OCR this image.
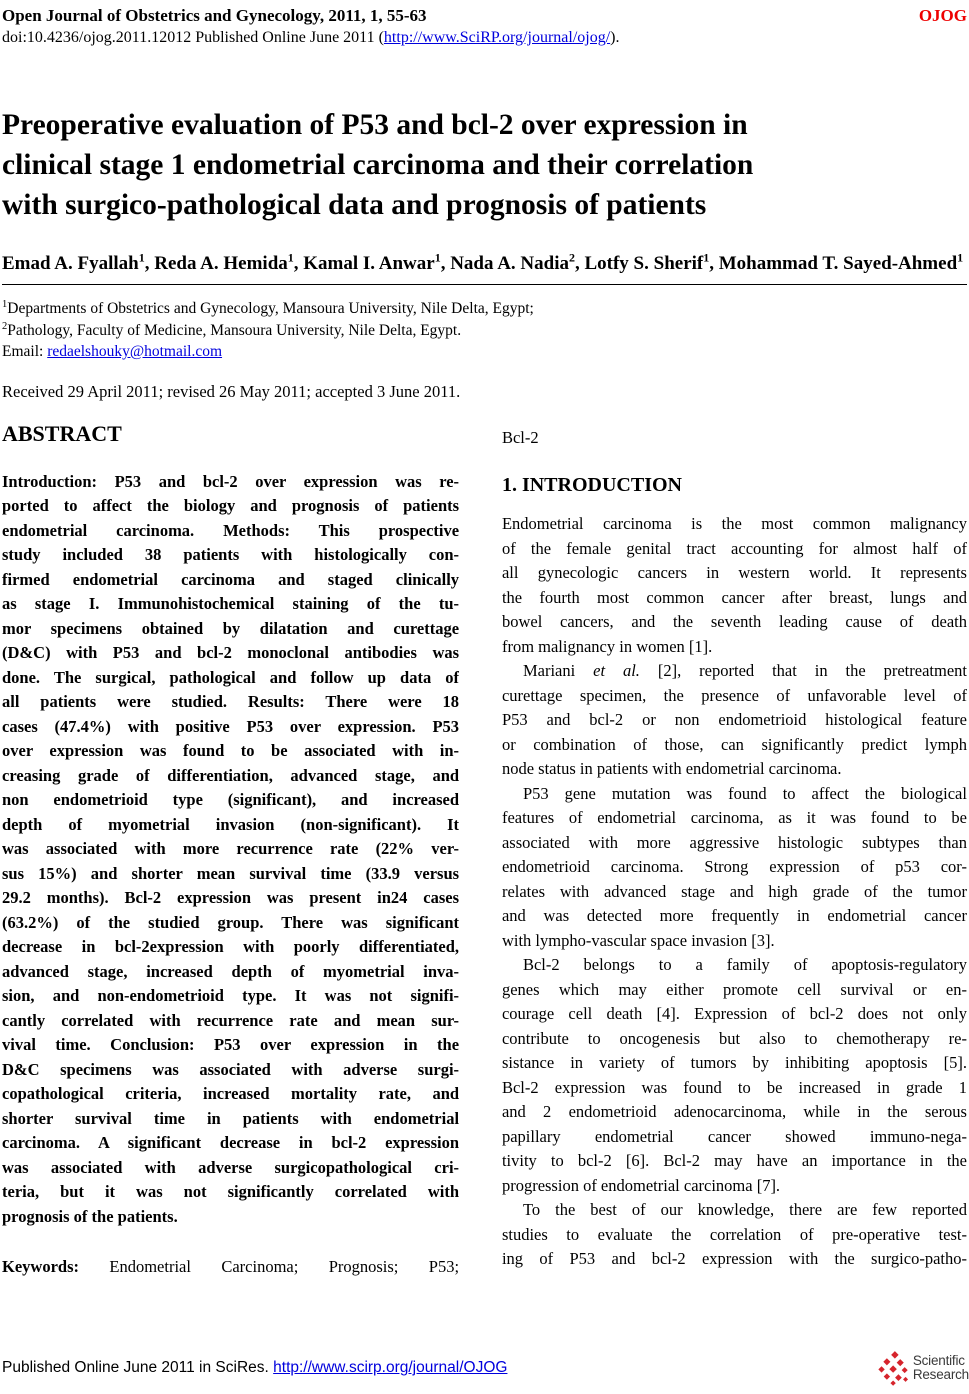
Open Journal of Obstetrics and Gynecology, 2011, 1, 55-63	OJOG
doi:10.4236/ojog.2011.12012 Published Online June 2011 (http://www.SciRP.org/journal/ojog/).
Preoperative evaluation of P53 and bcl-2 over expression in
clinical stage 1 endometrial carcinoma and their correlation
with surgico-pathological data and prognosis of patients
Emad A. Fyallah$^1$, Reda A. Hemida$^1$, Kamal I. Anwar$^1$, Nada A. Nadia$^2$, Lotfy S. Sherif$^1$, Mohammad T. Sayed-Ahmed$^1$
$^1$Departments of Obstetrics and Gynecology, Mansoura University, Nile Delta, Egypt;
$^2$Pathology, Faculty of Medicine, Mansoura University, Nile Delta, Egypt.
Email: redaelshouky@hotmail.com
Received 29 April 2011; revised 26 May 2011; accepted 3 June 2011.
ABSTRACT
Introduction: P53 and bcl-2 over expression was re-
ported to affect the biology and prognosis of patients
endometrial carcinoma. Methods: This prospective
study included 38 patients with histologically con-
firmed endometrial carcinoma and staged clinically
as stage I. Immunohistochemical staining of the tu-
mor specimens obtained by dilatation and curettage
(D&C) with P53 and bcl-2 monoclonal antibodies was
done. The surgical, pathological and follow up data of
all patients were studied. Results: There were 18
cases (47.4%) with positive P53 over expression. P53
over expression was found to be associated with in-
creasing grade of differentiation, advanced stage, and
non endometrioid type (significant), and increased
depth of myometrial invasion (non-significant). It
was associated with more recurrence rate (22% ver-
sus 15%) and shorter mean survival time (33.9 versus
29.2 months). Bcl-2 expression was present in24 cases
(63.2%) of the studied group. There was significant
decrease in bcl-2expression with poorly differentiated,
advanced stage, increased depth of myometrial inva-
sion, and non-endometrioid type. It was not signifi-
cantly correlated with recurrence rate and mean sur-
vival time. Conclusion: P53 over expression in the
D&C specimens was associated with adverse surgi-
copathological criteria, increased mortality rate, and
shorter survival time in patients with endometrial
carcinoma. A significant decrease in bcl-2 expression
was associated with adverse surgicopathological cri-
teria, but it was not significantly correlated with
prognosis of the patients.
Keywords: Endometrial Carcinoma; Prognosis; P53;
Bcl-2
1. INTRODUCTION
Endometrial carcinoma is the most common malignancy
of the female genital tract accounting for almost half of
all gynecologic cancers in western world. It represents
the fourth most common cancer after breast, lungs and
bowel cancers, and the seventh leading cause of death
from malignancy in women [1].
Mariani et al. [2], reported that in the pretreatment
curettage specimen, the presence of unfavorable level of
P53 and bcl-2 or non endometrioid histological feature
or combination of those, can significantly predict lymph
node status in patients with endometrial carcinoma.
P53 gene mutation was found to affect the biological
features of endometrial carcinoma, as it was found to be
associated with more aggressive histologic subtypes than
endometrioid carcinoma. Strong expression of p53 cor-
relates with advanced stage and high grade of the tumor
and was detected more frequently in endometrial cancer
with lympho-vascular space invasion [3].
Bcl-2 belongs to a family of apoptosis-regulatory
genes which may either promote cell survival or en-
courage cell death [4]. Expression of bcl-2 does not only
contribute to oncogenesis but also to chemotherapy re-
sistance in variety of tumors by inhibiting apoptosis [5].
Bcl-2 expression was found to be increased in grade 1
and 2 endometrioid adenocarcinoma, while in the serous
papillary endometrial cancer showed immuno-nega-
tivity to bcl-2 [6]. Bcl-2 may have an importance in the
progression of endometrial carcinoma [7].
To the best of our knowledge, there are few reported
studies to evaluate the correlation of pre-operative test-
ing of P53 and bcl-2 expression with the surgico-patho-
Published Online June 2011 in SciRes. http://www.scirp.org/journal/OJOG	Scientific
Research
